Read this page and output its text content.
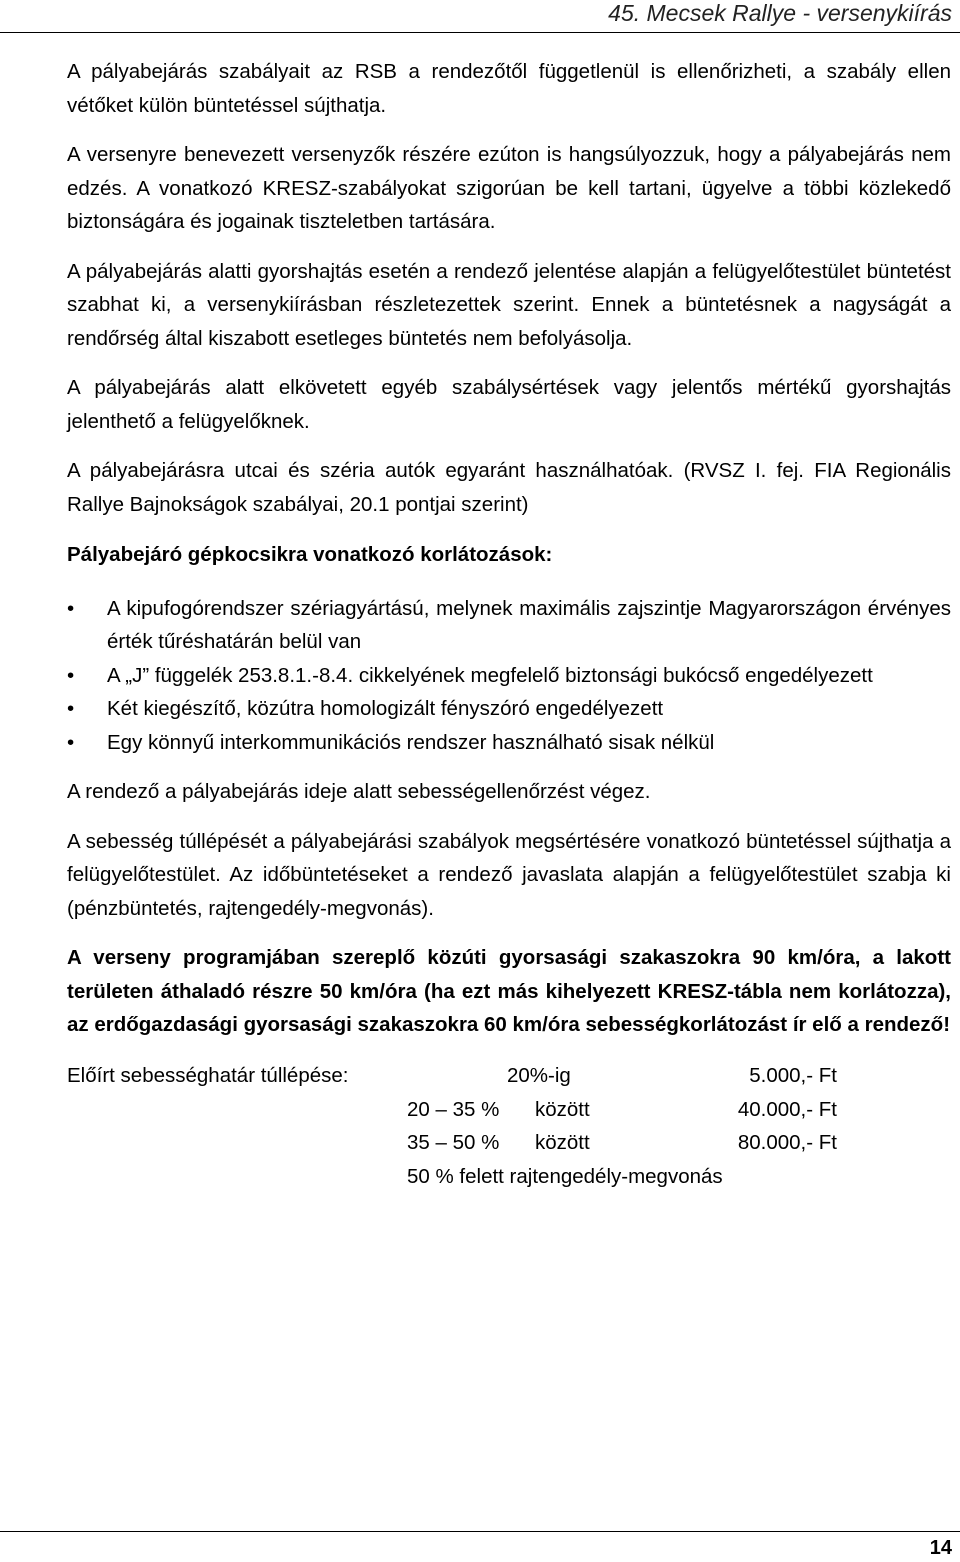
45. Mecsek Rallye - versenykiírás

A pályabejárás szabályait az RSB a rendezőtől függetlenül is ellenőrizheti, a szabály ellen vétőket külön büntetéssel sújthatja.

A versenyre benevezett versenyzők részére ezúton is hangsúlyozzuk, hogy a pályabejárás nem edzés. A vonatkozó KRESZ-szabályokat szigorúan be kell tartani, ügyelve a többi közlekedő biztonságára és jogainak tiszteletben tartására.

A pályabejárás alatti gyorshajtás esetén a rendező jelentése alapján a felügyelőtestület büntetést szabhat ki, a versenykiírásban részletezettek szerint. Ennek a büntetésnek a nagyságát a rendőrség által kiszabott esetleges büntetés nem befolyásolja.

A pályabejárás alatt elkövetett egyéb szabálysértések vagy jelentős mértékű gyorshajtás jelenthető a felügyelőknek.

A pályabejárásra utcai és széria autók egyaránt használhatóak. (RVSZ I. fej. FIA Regionális Rallye Bajnokságok szabályai, 20.1 pontjai szerint)

Pályabejáró gépkocsikra vonatkozó korlátozások:

• A kipufogórendszer szériagyártású, melynek maximális zajszintje Magyarországon érvényes érték tűréshatárán belül van
• A „J” függelék 253.8.1.-8.4. cikkelyének megfelelő biztonsági bukócső engedélyezett
• Két kiegészítő, közútra homologizált fényszóró engedélyezett
• Egy könnyű interkommunikációs rendszer használható sisak nélkül

A rendező a pályabejárás ideje alatt sebességellenőrzést végez.

A sebesség túllépését a pályabejárási szabályok megsértésére vonatkozó büntetéssel sújthatja a felügyelőtestület. Az időbüntetéseket a rendező javaslata alapján a felügyelőtestület szabja ki (pénzbüntetés, rajtengedély-megvonás).

A verseny programjában szereplő közúti gyorsasági szakaszokra 90 km/óra, a lakott területen áthaladó részre 50 km/óra (ha ezt más kihelyezett KRESZ-tábla nem korlátozza), az erdőgazdasági gyorsasági szakaszokra 60 km/óra sebességkorlátozást ír elő a rendező!

Előírt sebességhatár túllépése:	20%-ig	5.000,- Ft
20 – 35 % között	40.000,- Ft
35 – 50 % között	80.000,- Ft
50 % felett rajtengedély-megvonás
14
